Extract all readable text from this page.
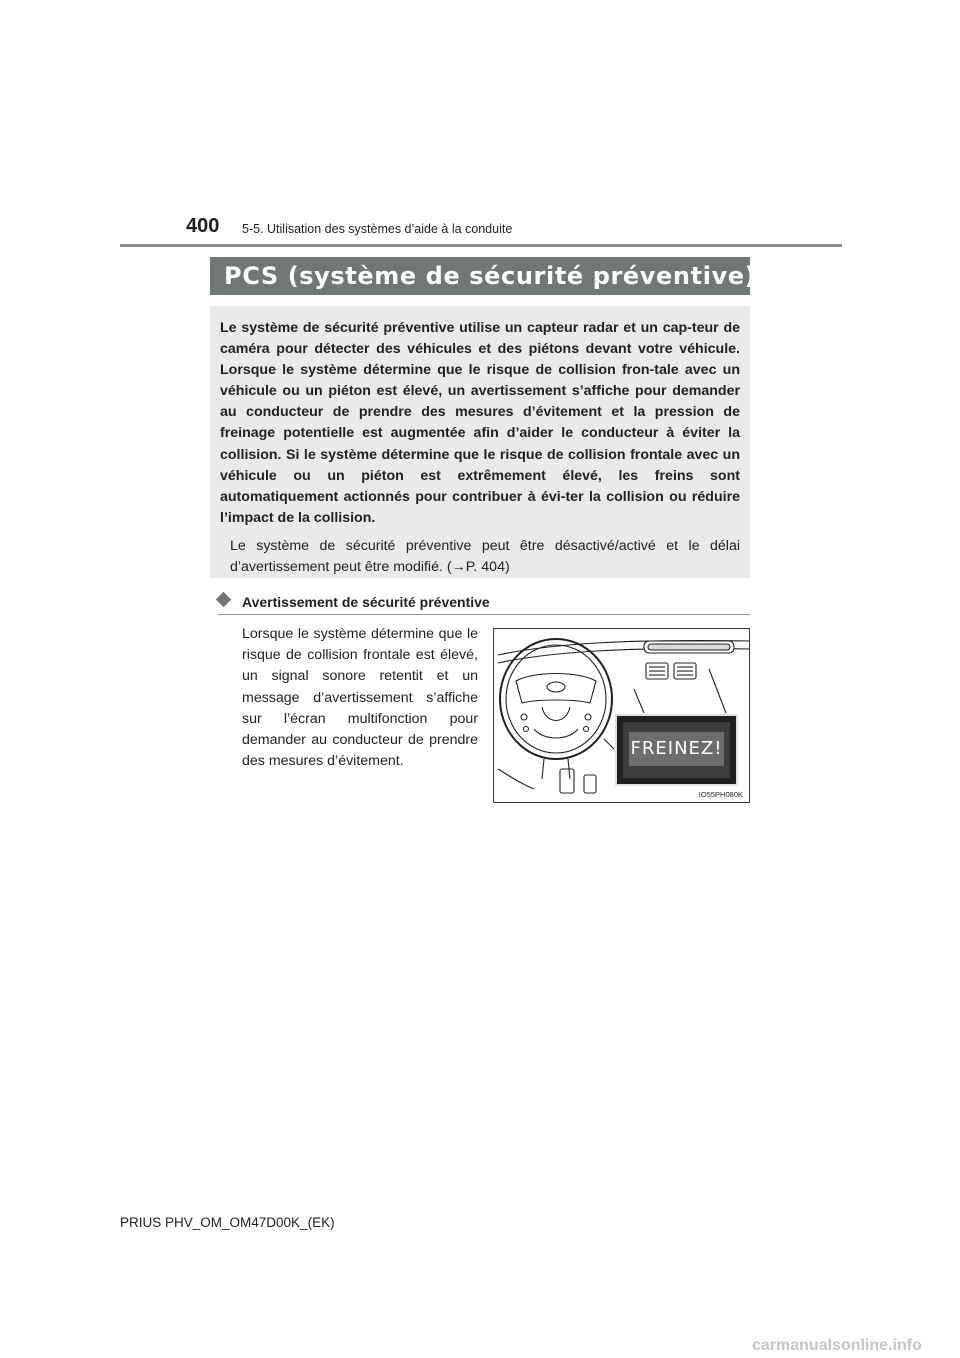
400 5-5. Utilisation des systèmes d’aide à la conduite
PCS (système de sécurité préventive)

Le système de sécurité préventive utilise un capteur radar et un cap-teur de caméra pour détecter des véhicules et des piétons devant votre véhicule. Lorsque le système détermine que le risque de collision fron-tale avec un véhicule ou un piéton est élevé, un avertissement s’affiche pour demander au conducteur de prendre des mesures d’évitement et la pression de freinage potentielle est augmentée afin d’aider le conducteur à éviter la collision. Si le système détermine que le risque de collision frontale avec un véhicule ou un piéton est extrêmement élevé, les freins sont automatiquement actionnés pour contribuer à évi-ter la collision ou réduire l’impact de la collision.

Le système de sécurité préventive peut être désactivé/activé et le délai d’avertissement peut être modifié. (→P. 404)

Avertissement de sécurité préventive

Lorsque le système détermine que le risque de collision frontale est élevé, un signal sonore retentit et un message d’avertissement s’affiche sur l’écran multifonction pour demander au conducteur de prendre des mesures d’évitement.

FREINEZ!
IO55PH080K
PRIUS PHV_OM_OM47D00K_(EK)
carmanualsonline.info
